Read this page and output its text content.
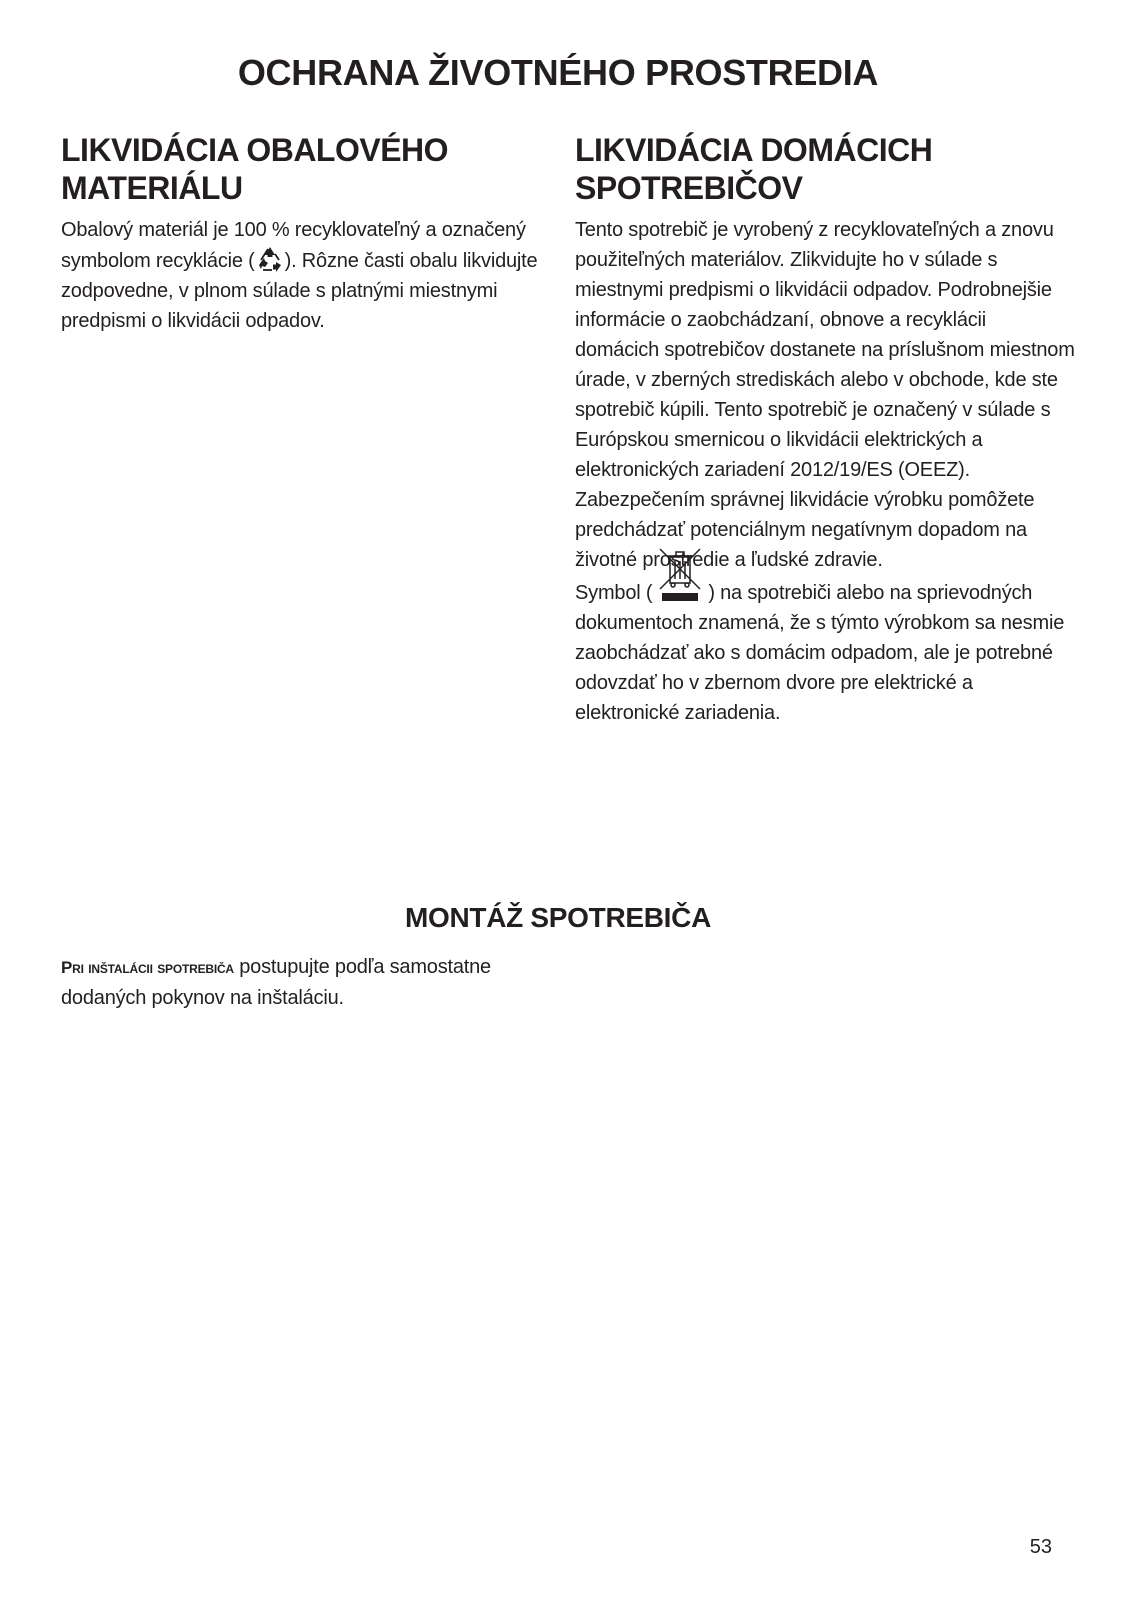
OCHRANA ŽIVOTNÉHO PROSTREDIA
LIKVIDÁCIA OBALOVÉHO MATERIÁLU

Obalový materiál je 100 % recyklovateľný a označený symbolom recyklácie ( ). Rôzne časti obalu likvidujte zodpovedne, v plnom súlade s platnými miestnymi predpismi o likvidácii odpadov.

LIKVIDÁCIA DOMÁCICH SPOTREBIČOV

Tento spotrebič je vyrobený z recyklovateľných a znovu použiteľných materiálov. Zlikvidujte ho v súlade s miestnymi predpismi o likvidácii odpadov. Podrobnejšie informácie o zaobchádzaní, obnove a recyklácii domácich spotrebičov dostanete na príslušnom miestnom úrade, v zberných strediskách alebo v obchode, kde ste spotrebič kúpili. Tento spotrebič je označený v súlade s Európskou smernicou o likvidácii elektrických a elektronických zariadení 2012/19/ES (OEEZ). Zabezpečením správnej likvidácie výrobku pomôžete predchádzať potenciálnym negatívnym dopadom na životné prostredie a ľudské zdravie.

Symbol (	) na spotrebiči alebo na sprievodných dokumentoch znamená, že s týmto výrobkom sa nesmie zaobchádzať ako s domácim odpadom, ale je potrebné odovzdať ho v zbernom dvore pre elektrické a elektronické zariadenia.

MONTÁŽ SPOTREBIČA

Pri inštalácii spotrebiča postupujte podľa samostatne dodaných pokynov na inštaláciu.

53
